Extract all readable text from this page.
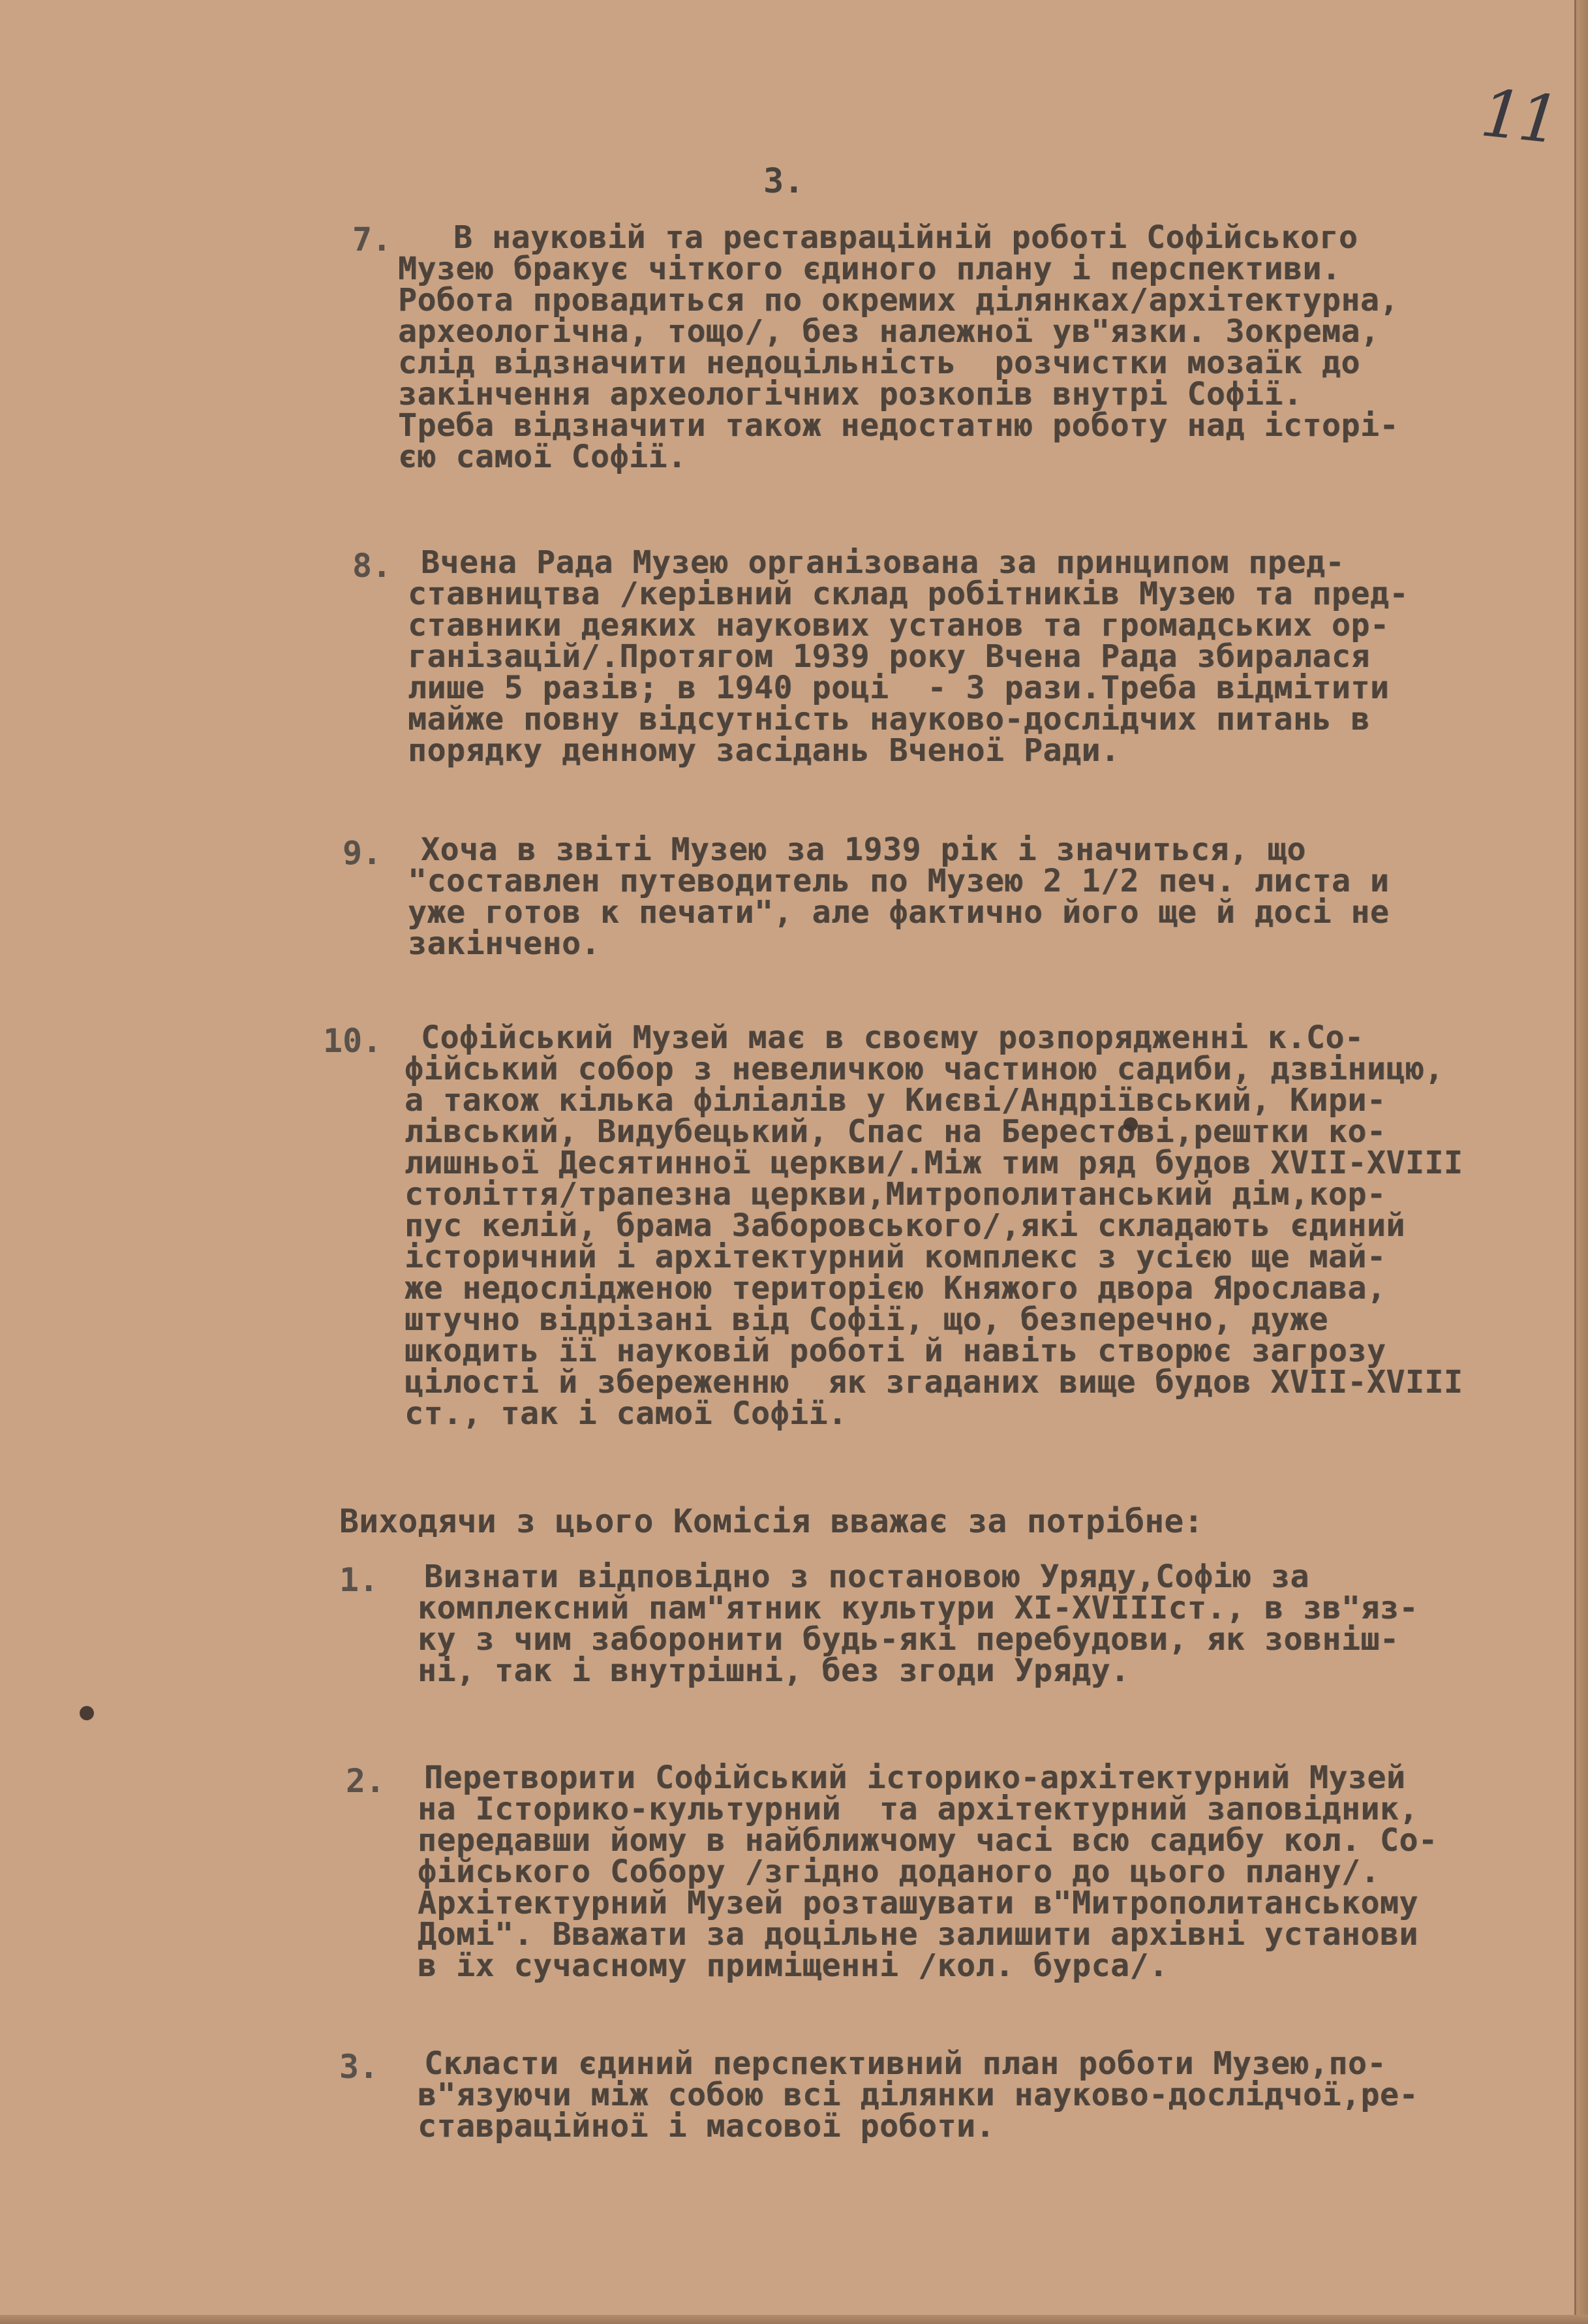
11
3.
7. В науковій та реставраційній роботі Софійського
Музею бракує чіткого єдиного плану і перспективи.
Робота провадиться по окремих ділянках/архітектурна,
археологічна, тощо/, без належної ув"язки. Зокрема,
слід відзначити недоцільність  розчистки мозаїк до
закінчення археологічних розкопів внутрі Софії.
Треба відзначити також недостатню роботу над історі-
єю самої Софії.
8. Вчена Рада Музею організована за принципом пред-
ставництва /керівний склад робітників Музею та пред-
ставники деяких наукових установ та громадських ор-
ганізацій/.Протягом 1939 року Вчена Рада збиралася
лише 5 разів; в 1940 році  - 3 рази.Треба відмітити
майже повну відсутність науково-дослідчих питань в
порядку денному засідань Вченої Ради.
9. Хоча в звіті Музею за 1939 рік і значиться, що
"составлен путеводитель по Музею 2 1/2 печ. листа и
уже готов к печати", але фактично його ще й досі не
закінчено.
10. Софійський Музей має в своєму розпорядженні к.Со-
фійський собор з невеличкою частиною садиби, дзвіницю,
а також кілька філіалів у Києві/Андріївський, Кири-
лівський, Видубецький, Спас на Берестові,рештки ко-
лишньої Десятинної церкви/.Між тим ряд будов XVII-XVIII
століття/трапезна церкви,Митрополитанський дім,кор-
пус келій, брама Заборовського/,які складають єдиний
історичний і архітектурний комплекс з усією ще май-
же недослідженою територією Княжого двора Ярослава,
штучно відрізані від Софії, що, безперечно, дуже
шкодить її науковій роботі й навіть створює загрозу
цілості й збереженню  як згаданих вище будов XVII-XVIII
ст., так і самої Софії.
Виходячи з цього Комісія вважає за потрібне:
1. Визнати відповідно з постановою Уряду,Софію за
комплексний пам"ятник культури XI-XVIIIст., в зв"яз-
ку з чим заборонити будь-які перебудови, як зовніш-
ні, так і внутрішні, без згоди Уряду.
2. Перетворити Софійський історико-архітектурний Музей
на Історико-культурний  та архітектурний заповідник,
передавши йому в найближчому часі всю садибу кол. Со-
фійського Собору /згідно доданого до цього плану/.
Архітектурний Музей розташувати в"Митрополитанському
Домі". Вважати за доцільне залишити архівні установи
в їх сучасному приміщенні /кол. бурса/.
3. Скласти єдиний перспективний план роботи Музею,по-
в"язуючи між собою всі ділянки науково-дослідчої,ре-
ставраційної і масової роботи.
